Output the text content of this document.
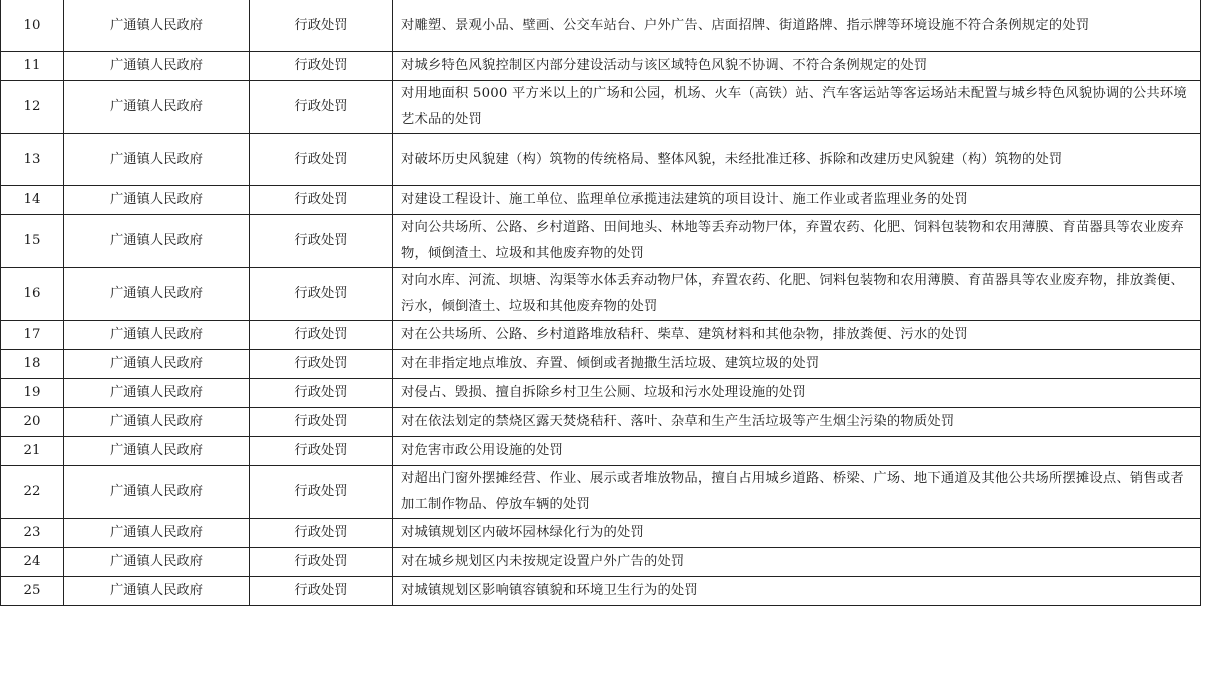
10	广通镇人民政府	行政处罚	对雕塑、景观小品、壁画、公交车站台、户外广告、店面招牌、街道路牌、指示牌等环境设施不符合条例规定的处罚
11	广通镇人民政府	行政处罚	对城乡特色风貌控制区内部分建设活动与该区域特色风貌不协调、不符合条例规定的处罚
12	广通镇人民政府	行政处罚	对用地面积 5000 平方米以上的广场和公园，机场、火车（高铁）站、汽车客运站等客运场站未配置与城乡特色风貌协调的公共环境艺术品的处罚
13	广通镇人民政府	行政处罚	对破坏历史风貌建（构）筑物的传统格局、整体风貌，未经批准迁移、拆除和改建历史风貌建（构）筑物的处罚
14	广通镇人民政府	行政处罚	对建设工程设计、施工单位、监理单位承揽违法建筑的项目设计、施工作业或者监理业务的处罚
15	广通镇人民政府	行政处罚	对向公共场所、公路、乡村道路、田间地头、林地等丢弃动物尸体，弃置农药、化肥、饲料包装物和农用薄膜、育苗器具等农业废弃物，倾倒渣土、垃圾和其他废弃物的处罚
16	广通镇人民政府	行政处罚	对向水库、河流、坝塘、沟渠等水体丢弃动物尸体，弃置农药、化肥、饲料包装物和农用薄膜、育苗器具等农业废弃物，排放粪便、污水，倾倒渣土、垃圾和其他废弃物的处罚
17	广通镇人民政府	行政处罚	对在公共场所、公路、乡村道路堆放秸秆、柴草、建筑材料和其他杂物，排放粪便、污水的处罚
18	广通镇人民政府	行政处罚	对在非指定地点堆放、弃置、倾倒或者抛撒生活垃圾、建筑垃圾的处罚
19	广通镇人民政府	行政处罚	对侵占、毁损、擅自拆除乡村卫生公厕、垃圾和污水处理设施的处罚
20	广通镇人民政府	行政处罚	对在依法划定的禁烧区露天焚烧秸秆、落叶、杂草和生产生活垃圾等产生烟尘污染的物质处罚
21	广通镇人民政府	行政处罚	对危害市政公用设施的处罚
22	广通镇人民政府	行政处罚	对超出门窗外摆摊经营、作业、展示或者堆放物品，擅自占用城乡道路、桥梁、广场、地下通道及其他公共场所摆摊设点、销售或者加工制作物品、停放车辆的处罚
23	广通镇人民政府	行政处罚	对城镇规划区内破坏园林绿化行为的处罚
24	广通镇人民政府	行政处罚	对在城乡规划区内未按规定设置户外广告的处罚
25	广通镇人民政府	行政处罚	对城镇规划区影响镇容镇貌和环境卫生行为的处罚
